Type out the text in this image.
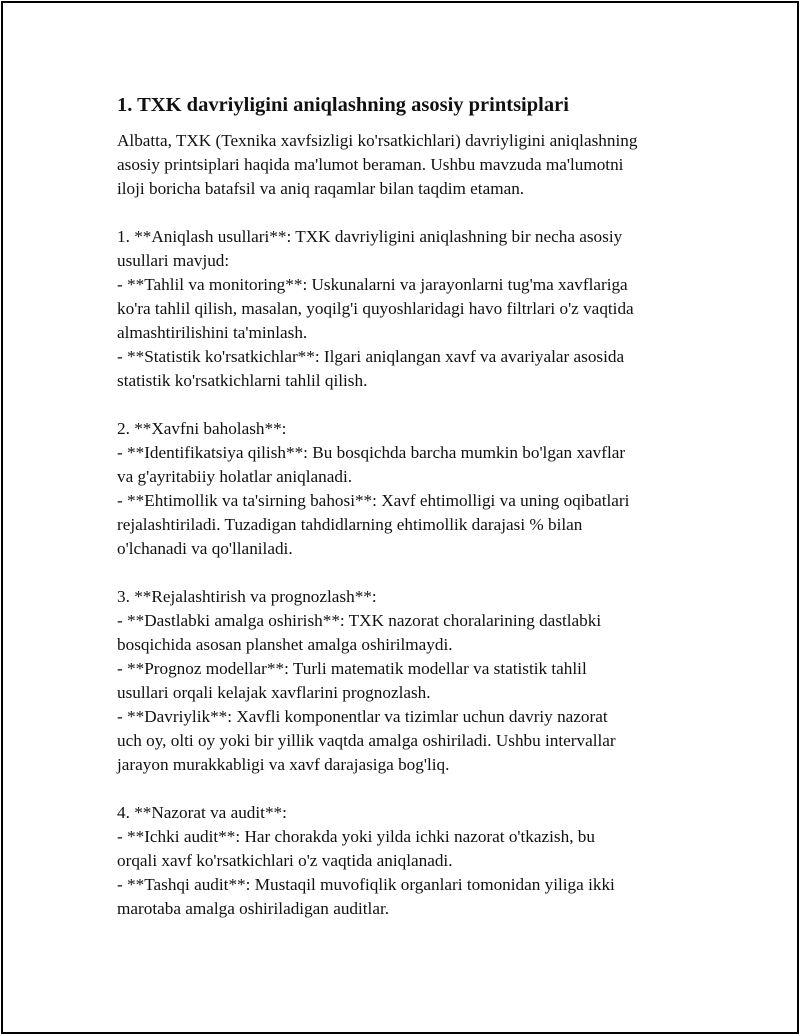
1. TXK davriyligini aniqlashning asosiy printsiplari

Albatta, TXK (Texnika xavfsizligi ko'rsatkichlari) davriyligini aniqlashning
asosiy printsiplari haqida ma'lumot beraman. Ushbu mavzuda ma'lumotni
iloji boricha batafsil va aniq raqamlar bilan taqdim etaman.

1. **Aniqlash usullari**: TXK davriyligini aniqlashning bir necha asosiy
usullari mavjud:
- **Tahlil va monitoring**: Uskunalarni va jarayonlarni tug'ma xavflariga
ko'ra tahlil qilish, masalan, yoqilg'i quyoshlaridagi havo filtrlari o'z vaqtida
almashtirilishini ta'minlash.
- **Statistik ko'rsatkichlar**: Ilgari aniqlangan xavf va avariyalar asosida
statistik ko'rsatkichlarni tahlil qilish.

2. **Xavfni baholash**:
- **Identifikatsiya qilish**: Bu bosqichda barcha mumkin bo'lgan xavflar
va g'ayritabiiy holatlar aniqlanadi.
- **Ehtimollik va ta'sirning bahosi**: Xavf ehtimolligi va uning oqibatlari
rejalashtiriladi. Tuzadigan tahdidlarning ehtimollik darajasi % bilan
o'lchanadi va qo'llaniladi.

3. **Rejalashtirish va prognozlash**:
- **Dastlabki amalga oshirish**: TXK nazorat choralarining dastlabki
bosqichida asosan planshet amalga oshirilmaydi.
- **Prognoz modellar**: Turli matematik modellar va statistik tahlil
usullari orqali kelajak xavflarini prognozlash.
- **Davriylik**: Xavfli komponentlar va tizimlar uchun davriy nazorat
uch oy, olti oy yoki bir yillik vaqtda amalga oshiriladi. Ushbu intervallar
jarayon murakkabligi va xavf darajasiga bog'liq.

4. **Nazorat va audit**:
- **Ichki audit**: Har chorakda yoki yilda ichki nazorat o'tkazish, bu
orqali xavf ko'rsatkichlari o'z vaqtida aniqlanadi.
- **Tashqi audit**: Mustaqil muvofiqlik organlari tomonidan yiliga ikki
marotaba amalga oshiriladigan auditlar.
